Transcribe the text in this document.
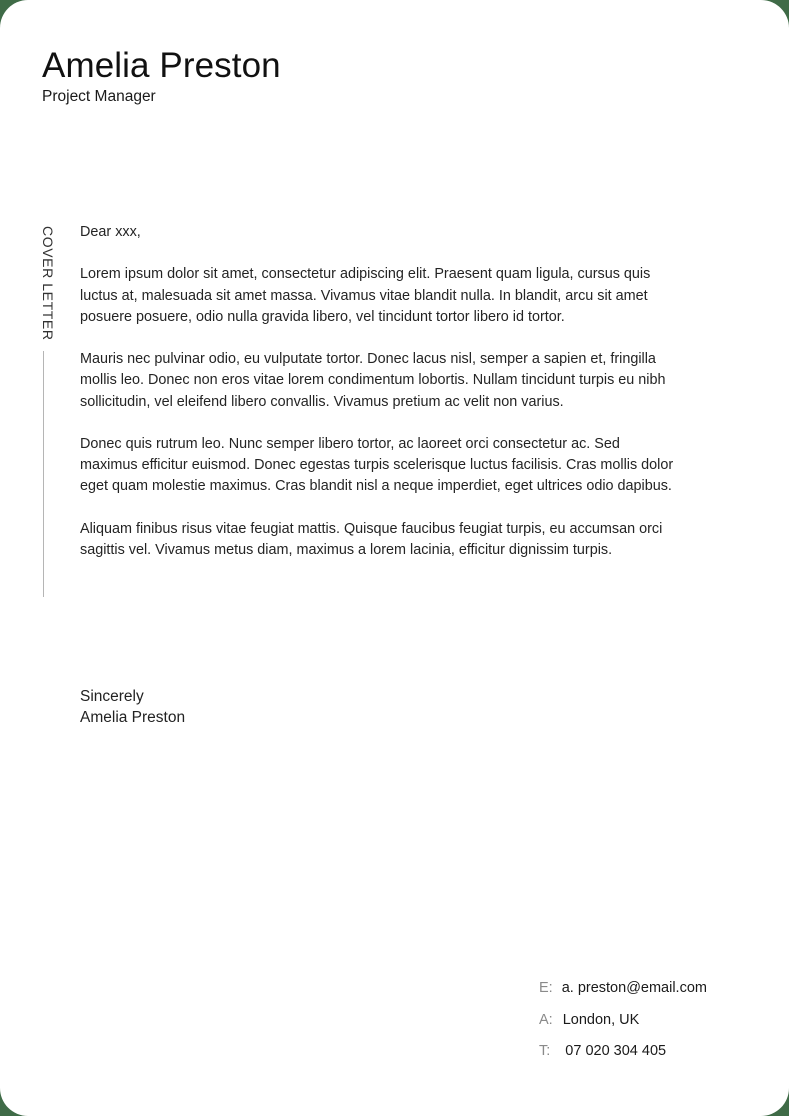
Amelia Preston
Project Manager
COVER LETTER Dear xxx,

Lorem ipsum dolor sit amet, consectetur adipiscing elit. Praesent quam ligula, cursus quis luctus at, malesuada sit amet massa. Vivamus vitae blandit nulla. In blandit, arcu sit amet posuere posuere, odio nulla gravida libero, vel tincidunt tortor libero id tortor.

Mauris nec pulvinar odio, eu vulputate tortor. Donec lacus nisl, semper a sapien et, fringilla mollis leo. Donec non eros vitae lorem condimentum lobortis. Nullam tincidunt turpis eu nibh sollicitudin, vel eleifend libero convallis. Vivamus pretium ac velit non varius.

Donec quis rutrum leo. Nunc semper libero tortor, ac laoreet orci consectetur ac. Sed maximus efficitur euismod. Donec egestas turpis scelerisque luctus facilisis. Cras mollis dolor eget quam molestie maximus. Cras blandit nisl a neque imperdiet, eget ultrices odio dapibus.

Aliquam finibus risus vitae feugiat mattis. Quisque faucibus feugiat turpis, eu accumsan orci sagittis vel. Vivamus metus diam, maximus a lorem lacinia, efficitur dignissim turpis.

Sincerely
Amelia Preston
E: a. preston@email.com
A: London, UK
T: 07 020 304 405
